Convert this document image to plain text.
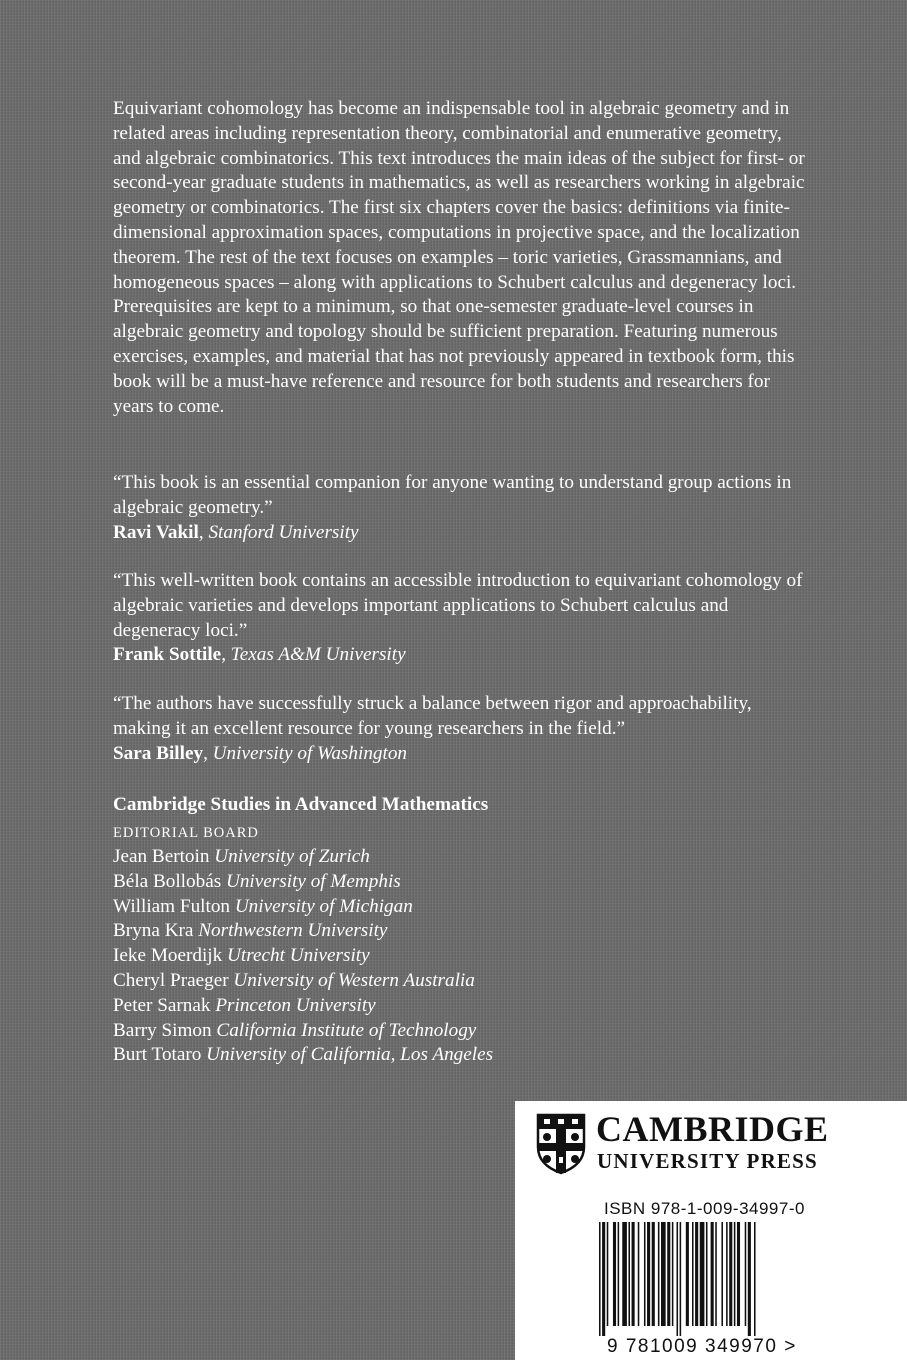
Equivariant cohomology has become an indispensable tool in algebraic geometry and in related areas including representation theory, combinatorial and enumerative geometry, and algebraic combinatorics. This text introduces the main ideas of the subject for first- or second-year graduate students in mathematics, as well as researchers working in algebraic geometry or combinatorics. The first six chapters cover the basics: definitions via finite-dimensional approximation spaces, computations in projective space, and the localization theorem. The rest of the text focuses on examples – toric varieties, Grassmannians, and homogeneous spaces – along with applications to Schubert calculus and degeneracy loci. Prerequisites are kept to a minimum, so that one-semester graduate-level courses in algebraic geometry and topology should be sufficient preparation. Featuring numerous exercises, examples, and material that has not previously appeared in textbook form, this book will be a must-have reference and resource for both students and researchers for years to come.

“This book is an essential companion for anyone wanting to understand group actions in algebraic geometry.”
Ravi Vakil, Stanford University

“This well-written book contains an accessible introduction to equivariant cohomology of algebraic varieties and develops important applications to Schubert calculus and degeneracy loci.”
Frank Sottile, Texas A&M University

“The authors have successfully struck a balance between rigor and approachability, making it an excellent resource for young researchers in the field.”
Sara Billey, University of Washington

Cambridge Studies in Advanced Mathematics

EDITORIAL BOARD

Jean Bertoin University of Zurich
Béla Bollobás University of Memphis
William Fulton University of Michigan
Bryna Kra Northwestern University
Ieke Moerdijk Utrecht University
Cheryl Praeger University of Western Australia
Peter Sarnak Princeton University
Barry Simon California Institute of Technology
Burt Totaro University of California, Los Angeles
CAMBRIDGE
UNIVERSITY PRESS
ISBN 978-1-009-34997-0
9 781009 349970 >
